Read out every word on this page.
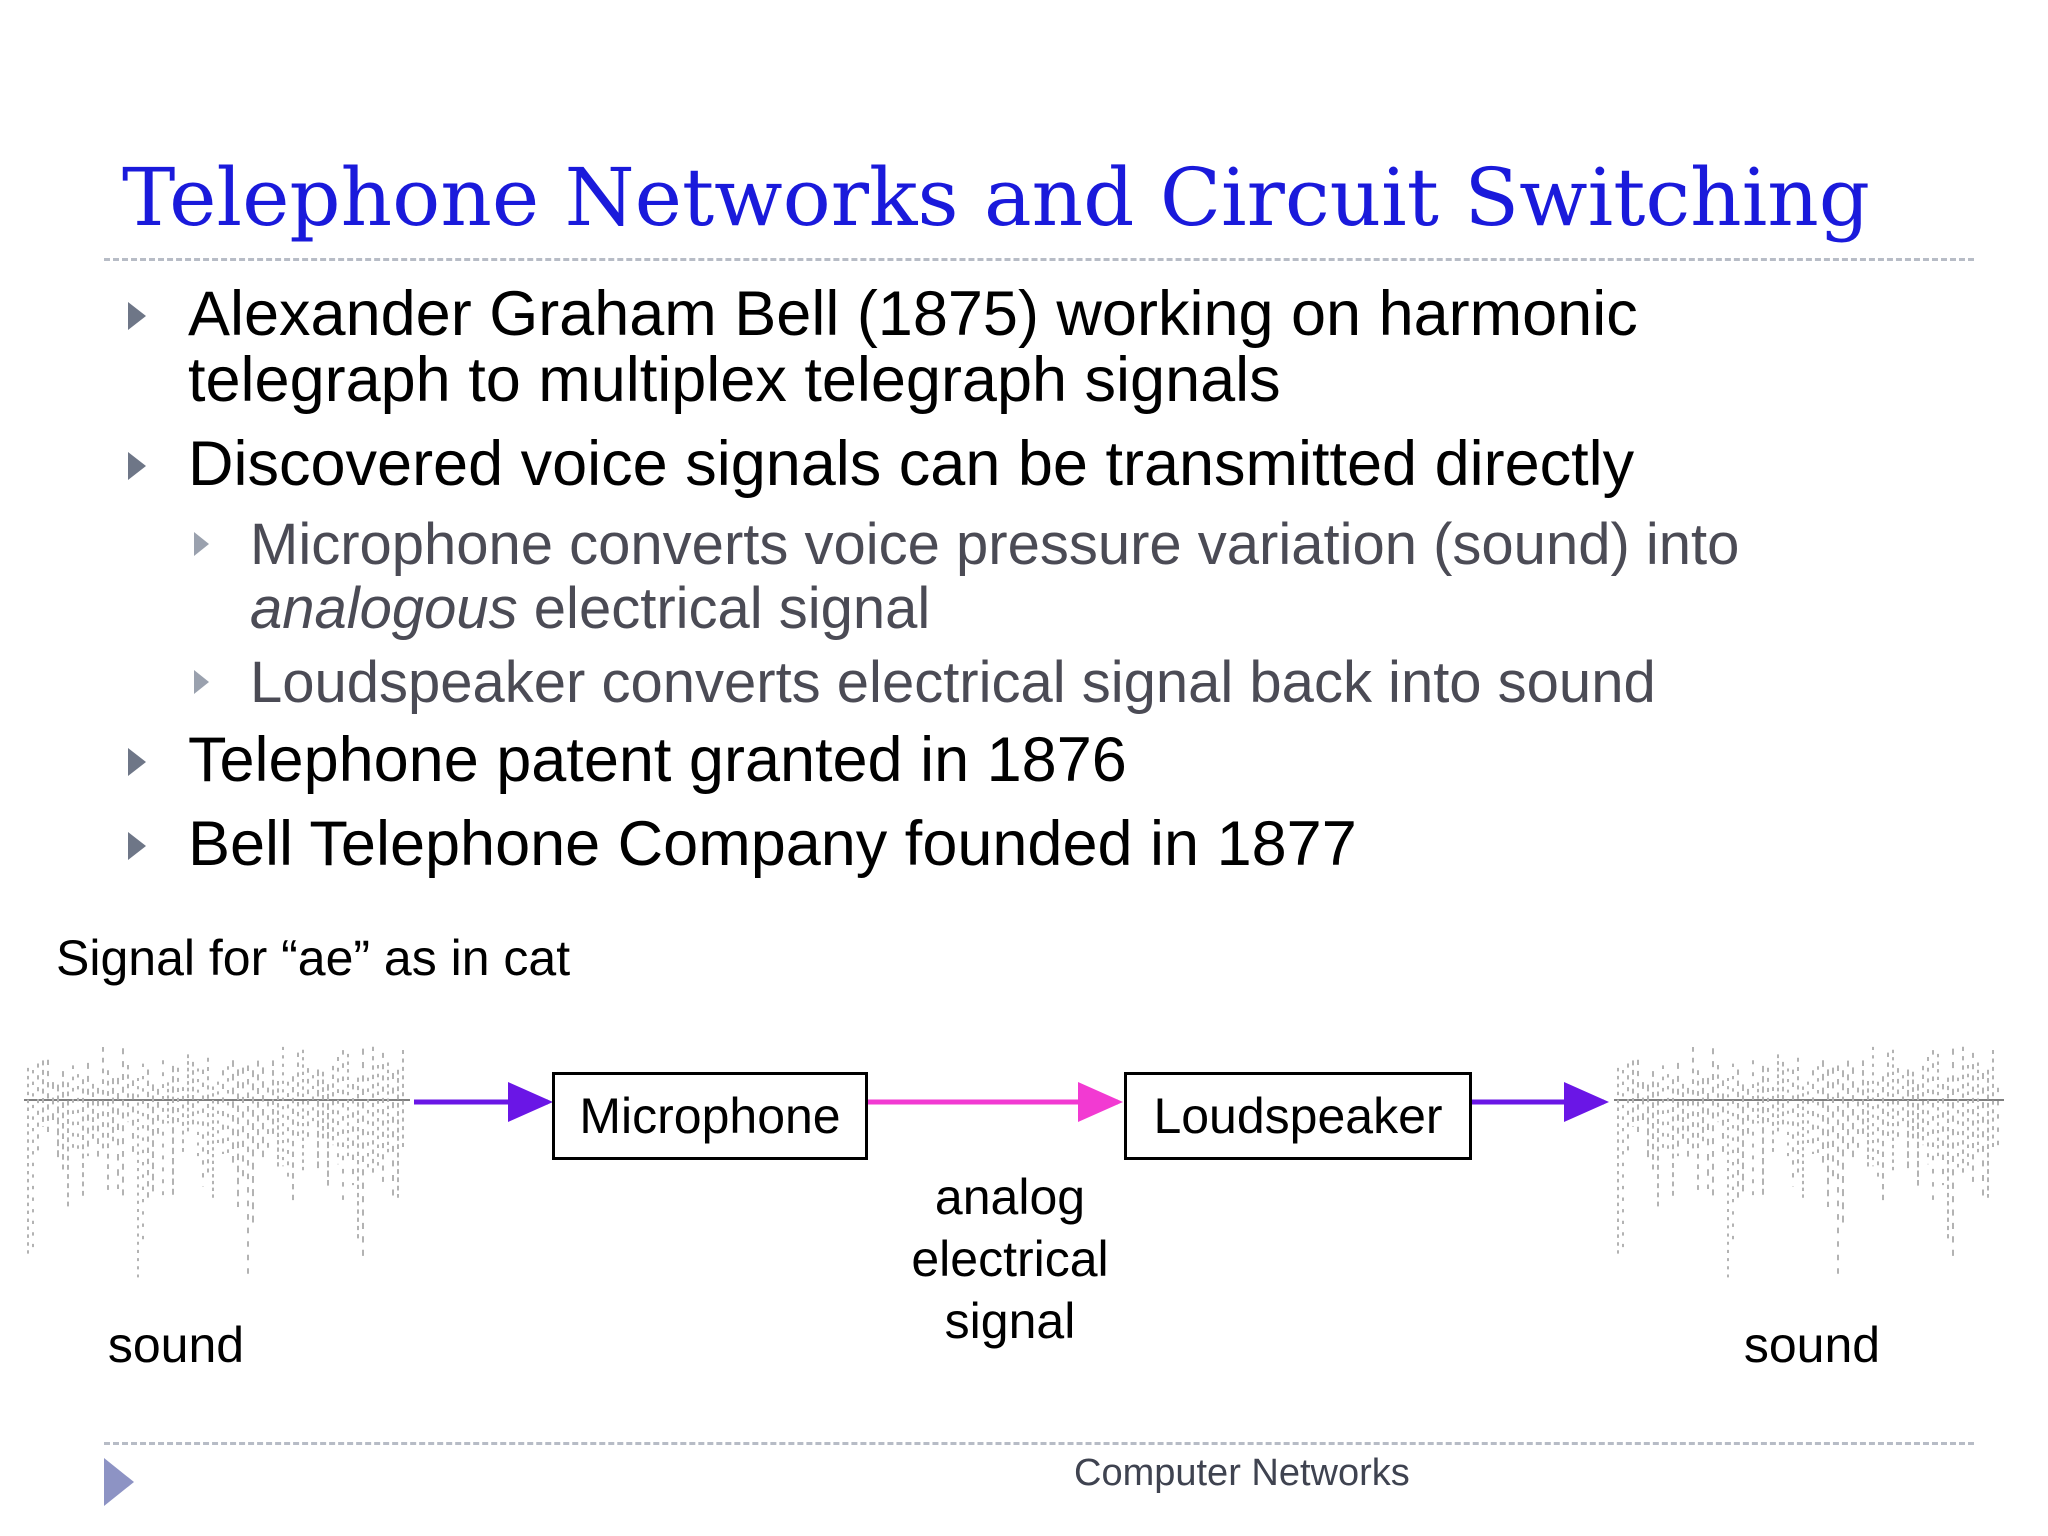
Telephone Networks and Circuit Switching
Alexander Graham Bell (1875) working on harmonic
telegraph to multiplex telegraph signals
Discovered voice signals can be transmitted directly
Microphone converts voice pressure variation (sound) into
analogous electrical signal
Loudspeaker converts electrical signal back into sound
Telephone patent granted in 1876
Bell Telephone Company founded in 1877
Signal for “ae” as in cat
Microphone	Loudspeaker
analog
electrical
signal
sound	sound
Computer Networks
